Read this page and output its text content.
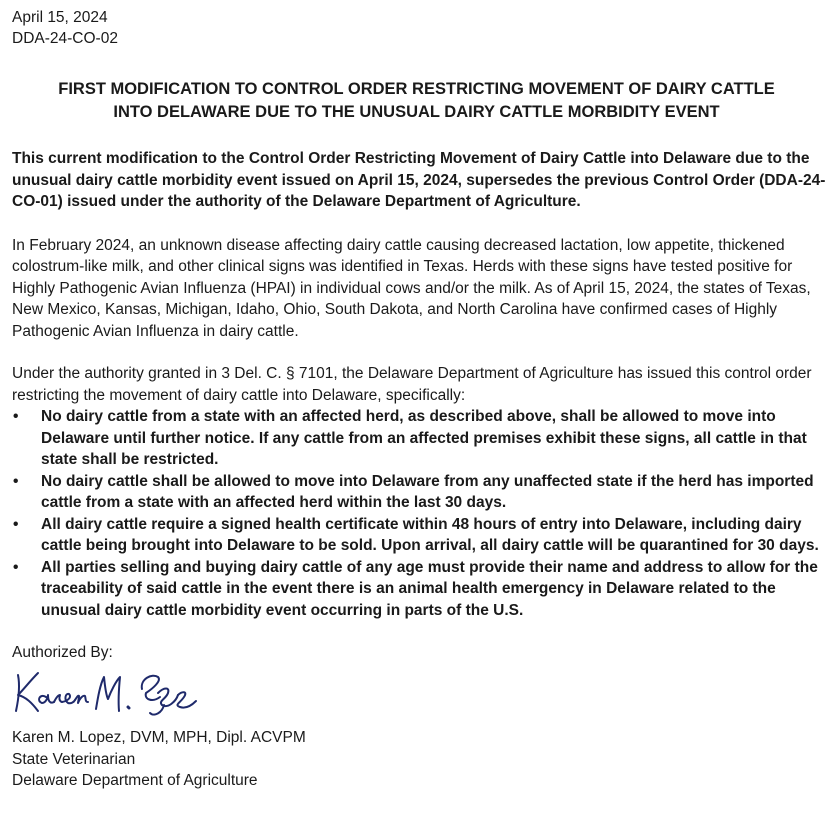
April 15, 2024
DDA-24-CO-02
FIRST MODIFICATION TO CONTROL ORDER RESTRICTING MOVEMENT OF DAIRY CATTLE
INTO DELAWARE DUE TO THE UNUSUAL DAIRY CATTLE MORBIDITY EVENT
This current modification to the Control Order Restricting Movement of Dairy Cattle into Delaware due to the unusual dairy cattle morbidity event issued on April 15, 2024, supersedes the previous Control Order (DDA-24-CO-01) issued under the authority of the Delaware Department of Agriculture.
In February 2024, an unknown disease affecting dairy cattle causing decreased lactation, low appetite, thickened colostrum-like milk, and other clinical signs was identified in Texas. Herds with these signs have tested positive for Highly Pathogenic Avian Influenza (HPAI) in individual cows and/or the milk. As of April 15, 2024, the states of Texas, New Mexico, Kansas, Michigan, Idaho, Ohio, South Dakota, and North Carolina have confirmed cases of Highly Pathogenic Avian Influenza in dairy cattle.
Under the authority granted in 3 Del. C. § 7101, the Delaware Department of Agriculture has issued this control order restricting the movement of dairy cattle into Delaware, specifically:
• No dairy cattle from a state with an affected herd, as described above, shall be allowed to move into Delaware until further notice. If any cattle from an affected premises exhibit these signs, all cattle in that state shall be restricted.
• No dairy cattle shall be allowed to move into Delaware from any unaffected state if the herd has imported cattle from a state with an affected herd within the last 30 days.
• All dairy cattle require a signed health certificate within 48 hours of entry into Delaware, including dairy cattle being brought into Delaware to be sold. Upon arrival, all dairy cattle will be quarantined for 30 days.
• All parties selling and buying dairy cattle of any age must provide their name and address to allow for the traceability of said cattle in the event there is an animal health emergency in Delaware related to the unusual dairy cattle morbidity event occurring in parts of the U.S.
Authorized By:
Karen M. Lopez, DVM, MPH, Dipl. ACVPM
State Veterinarian
Delaware Department of Agriculture
